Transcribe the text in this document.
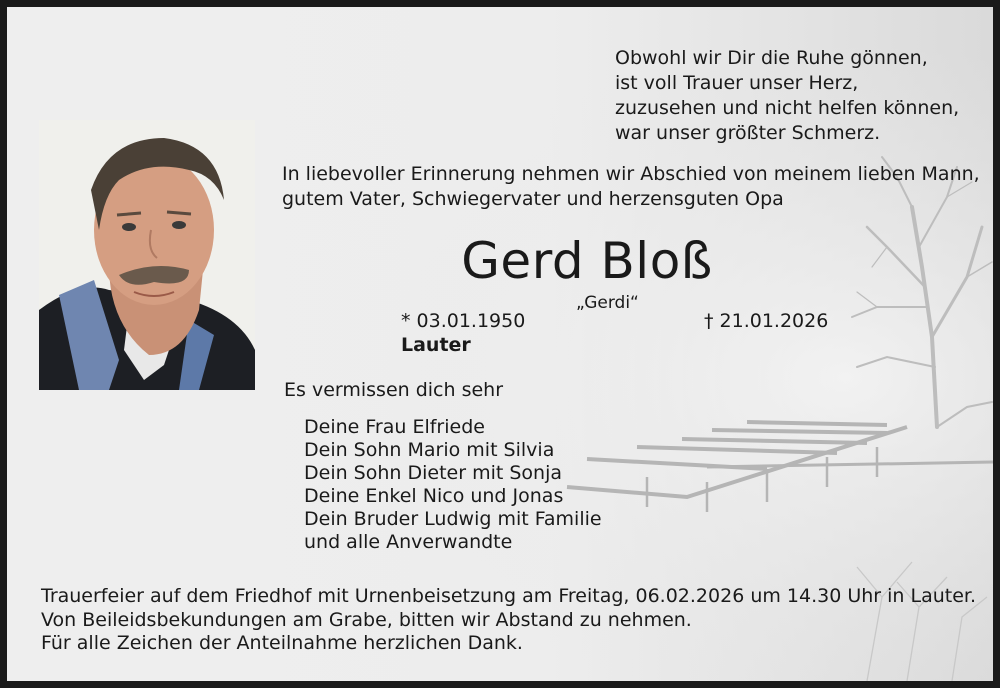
Obwohl wir Dir die Ruhe gönnen,
ist voll Trauer unser Herz,
zuzusehen und nicht helfen können,
war unser größter Schmerz.
In liebevoller Erinnerung nehmen wir Abschied von meinem lieben Mann,
gutem Vater, Schwiegervater und herzensguten Opa
Gerd Bloß
„Gerdi“
* 03.01.1950	† 21.01.2026
Lauter
Es vermissen dich sehr
Deine Frau Elfriede
Dein Sohn Mario mit Silvia
Dein Sohn Dieter mit Sonja
Deine Enkel Nico und Jonas
Dein Bruder Ludwig mit Familie
und alle Anverwandte
Trauerfeier auf dem Friedhof mit Urnenbeisetzung am Freitag, 06.02.2026 um 14.30 Uhr in Lauter.
Von Beileidsbekundungen am Grabe, bitten wir Abstand zu nehmen.
Für alle Zeichen der Anteilnahme herzlichen Dank.
